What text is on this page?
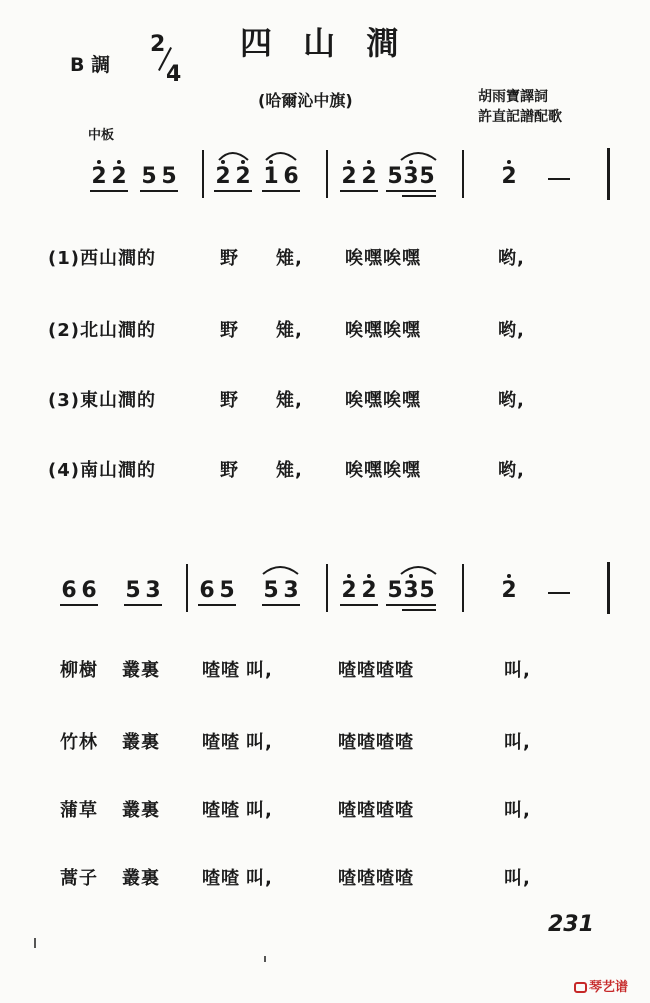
四 山 澗
B 調
2
4
(哈爾沁中旗)	胡雨寶譯詞
許直記譜配歌
中板
2 2 5 5 2 2 1 6 2 2 5 3 5	2
(1)西山澗的	野 雉, 唉嘿唉嘿	哟,
(2)北山澗的	野 雉, 唉嘿唉嘿	哟,
(3)東山澗的	野 雉, 唉嘿唉嘿	哟,
(4)南山澗的	野 雉, 唉嘿唉嘿	哟,
6 6 5 3 6 5 5 3 2 2 5 3 5	2
柳樹 叢裏 喳喳 叫,	喳喳喳喳	叫,
竹林 叢裏 喳喳 叫,	喳喳喳喳	叫,
蒲草 叢裏 喳喳 叫,	喳喳喳喳	叫,
蒿子 叢裏 喳喳 叫,	喳喳喳喳	叫,
231
琴艺谱
